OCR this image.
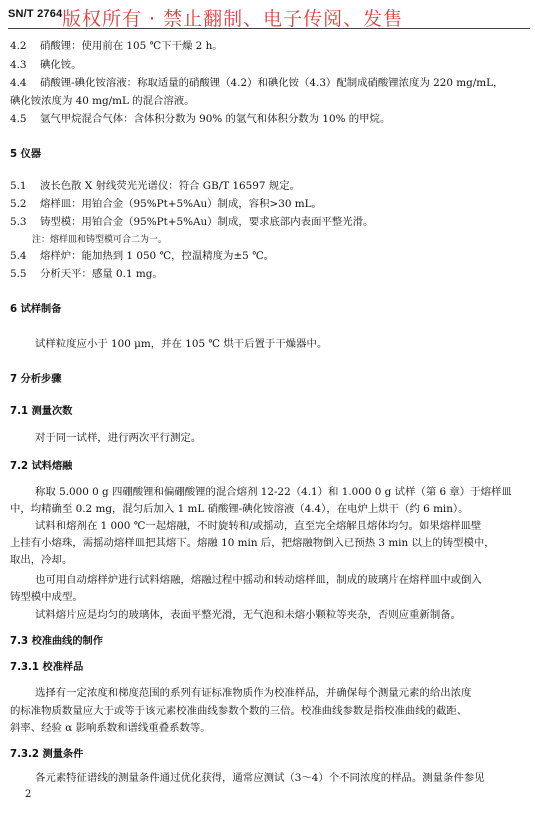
SN/T 2764 版权所有 · 禁止翻制、电子传阅、发售
4.2 硝酸锂：使用前在 105 ℃下干燥 2 h。
4.3 碘化铵。
4.4 硝酸锂-碘化铵溶液：称取适量的硝酸锂（4.2）和碘化铵（4.3）配制成硝酸锂浓度为 220 mg/mL，
碘化铵浓度为 40 mg/mL 的混合溶液。
4.5 氩气甲烷混合气体：含体积分数为 90% 的氩气和体积分数为 10% 的甲烷。
5 仪器
5.1 波长色散 X 射线荧光光谱仪：符合 GB/T 16597 规定。
5.2 熔样皿：用铂合金（95%Pt+5%Au）制成，容积>30 mL。
5.3 铸型模：用铂合金（95%Pt+5%Au）制成，要求底部内表面平整光滑。
注：熔样皿和铸型模可合二为一。
5.4 熔样炉：能加热到 1 050 ℃，控温精度为±5 ℃。
5.5 分析天平：感量 0.1 mg。
6 试样制备
试样粒度应小于 100 μm，并在 105 ℃ 烘干后置于干燥器中。
7 分析步骤
7.1 测量次数
对于同一试样，进行两次平行测定。
7.2 试料熔融
称取 5.000 0 g 四硼酸锂和偏硼酸锂的混合熔剂 12-22（4.1）和 1.000 0 g 试样（第 6 章）于熔样皿
中，均精确至 0.2 mg，混匀后加入 1 mL 硝酸锂-碘化铵溶液（4.4），在电炉上烘干（约 6 min）。
试料和熔剂在 1 000 ℃一起熔融，不时旋转和/或摇动，直至完全熔解且熔体均匀。如果熔样皿壁
上挂有小熔珠，需摇动熔样皿把其熔下。熔融 10 min 后，把熔融物倒入已预热 3 min 以上的铸型模中，
取出，冷却。
也可用自动熔样炉进行试料熔融，熔融过程中摇动和转动熔样皿，制成的玻璃片在熔样皿中或倒入
铸型模中成型。
试料熔片应是均匀的玻璃体，表面平整光滑，无气泡和未熔小颗粒等夹杂，否则应重新制备。
7.3 校准曲线的制作
7.3.1 校准样品
选择有一定浓度和梯度范围的系列有证标准物质作为校准样品，并确保每个测量元素的给出浓度
的标准物质数量应大于或等于该元素校准曲线参数个数的三倍。校准曲线参数是指校准曲线的截距、
斜率、经验 α 影响系数和谱线重叠系数等。
7.3.2 测量条件
各元素特征谱线的测量条件通过优化获得，通常应测试（3～4）个不同浓度的样品。测量条件参见
2
